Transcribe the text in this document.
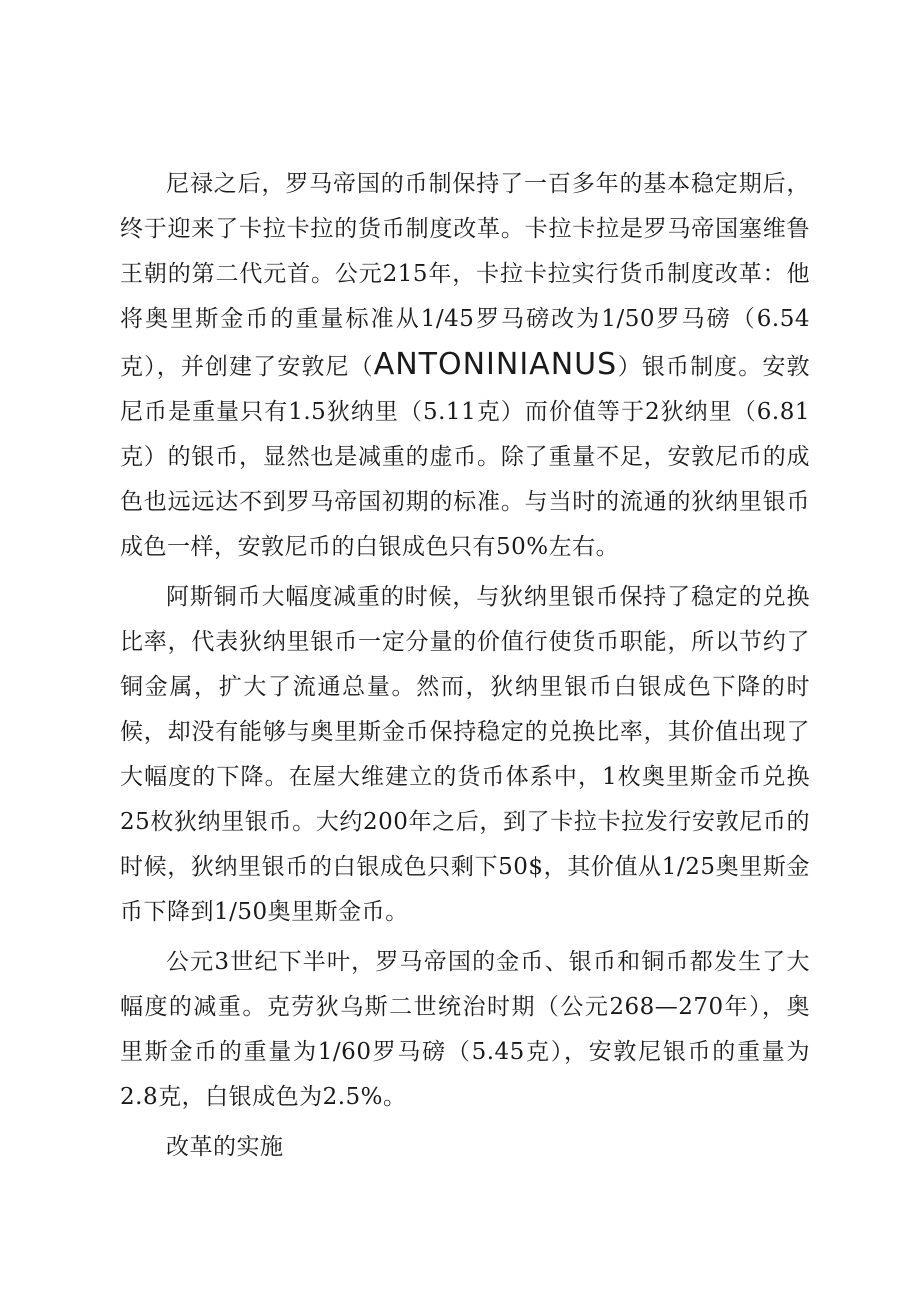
尼禄之后，罗马帝国的币制保持了一百多年的基本稳定期后，终于迎来了卡拉卡拉的货币制度改革。卡拉卡拉是罗马帝国塞维鲁王朝的第二代元首。公元215年，卡拉卡拉实行货币制度改革：他将奥里斯金币的重量标准从1/45罗马磅改为1/50罗马磅（6.54克），并创建了安敦尼（ANTONINIANUS）银币制度。安敦尼币是重量只有1.5狄纳里（5.11克）而价值等于2狄纳里（6.81克）的银币，显然也是减重的虚币。除了重量不足，安敦尼币的成色也远远达不到罗马帝国初期的标准。与当时的流通的狄纳里银币成色一样，安敦尼币的白银成色只有50%左右。

阿斯铜币大幅度减重的时候，与狄纳里银币保持了稳定的兑换比率，代表狄纳里银币一定分量的价值行使货币职能，所以节约了铜金属，扩大了流通总量。然而，狄纳里银币白银成色下降的时候，却没有能够与奥里斯金币保持稳定的兑换比率，其价值出现了大幅度的下降。在屋大维建立的货币体系中，1枚奥里斯金币兑换25枚狄纳里银币。大约200年之后，到了卡拉卡拉发行安敦尼币的时候，狄纳里银币的白银成色只剩下50$，其价值从1/25奥里斯金币下降到1/50奥里斯金币。

公元3世纪下半叶，罗马帝国的金币、银币和铜币都发生了大幅度的减重。克劳狄乌斯二世统治时期（公元268—270年），奥里斯金币的重量为1/60罗马磅（5.45克），安敦尼银币的重量为2.8克，白银成色为2.5%。

改革的实施
